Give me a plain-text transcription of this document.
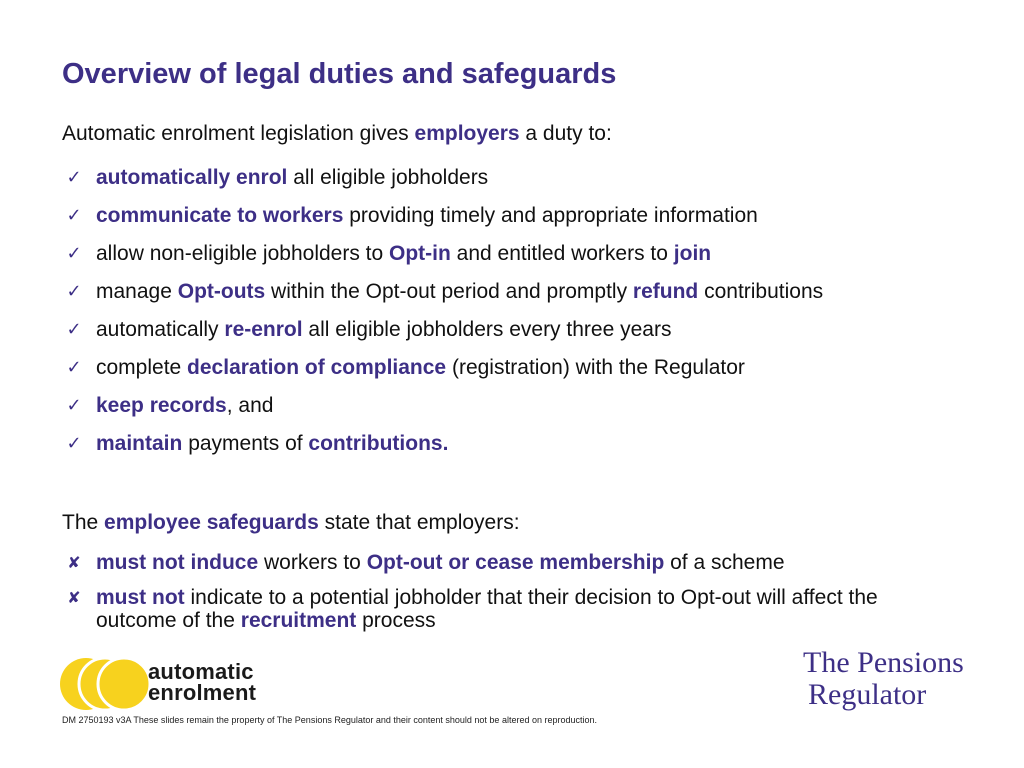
Overview of legal duties and safeguards

Automatic enrolment legislation gives employers a duty to:

✓ automatically enrol all eligible jobholders
✓ communicate to workers providing timely and appropriate information
✓ allow non-eligible jobholders to Opt-in and entitled workers to join
✓ manage Opt-outs within the Opt-out period and promptly refund contributions
✓ automatically re-enrol all eligible jobholders every three years
✓ complete declaration of compliance (registration) with the Regulator
✓ keep records, and
✓ maintain payments of contributions.

The employee safeguards state that employers:

✘ must not induce workers to Opt-out or cease membership of a scheme
✘ must not indicate to a potential jobholder that their decision to Opt-out will affect the outcome of the recruitment process
automatic
enrolment
The Pensions
Regulator
DM 2750193 v3A These slides remain the property of The Pensions Regulator and their content should not be altered on reproduction.
